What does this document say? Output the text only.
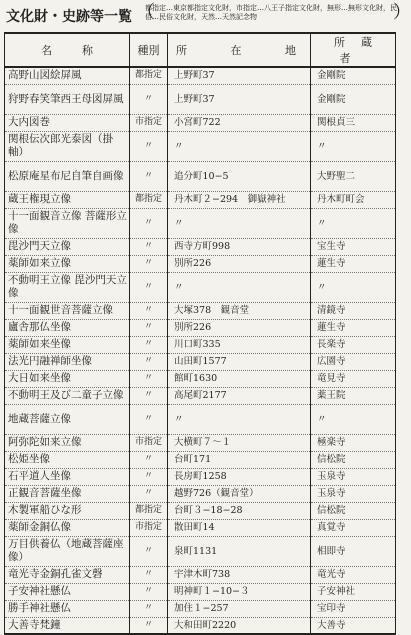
文化財・史跡等一覧 （
都指定…東京都指定文化財，市指定…八王子指定文化財，無形…無形文化財，民俗…民俗文化財，天然…天然記念物	）
名称	種別	所在地	所蔵者
高野山図絵屏風	都指定	上野町37	金剛院
狩野春笑筆西王母図屏風	〃	上野町37	金剛院
大内図巻	市指定	小宮町722	関根貞三
関根伝次郎光泰図（掛軸）	〃	〃	〃
松原庵星布尼自筆自画像	〃	追分町10−5	大野聖二
蔵王権現立像	都指定	丹木町２−294　御嶽神社	丹木町町会
十一面観音立像 菩薩形立像	〃	〃	〃
毘沙門天立像	〃	西寺方町998	宝生寺
薬師如来立像	〃	別所226	蓮生寺
不動明王立像 毘沙門天立像	〃	〃	〃
十一面観世音菩薩立像	〃	大塚378　観音堂	清鏡寺
廬舎那仏坐像	〃	別所226	蓮生寺
薬師如来坐像	〃	川口町335	長楽寺
法光円融禅師坐像	〃	山田町1577	広園寺
大日如来坐像	〃	館町1630	竜見寺
不動明王及び二童子立像	〃	高尾町2177	薬王院
地蔵菩薩立像	〃	〃	〃
阿弥陀如来立像	市指定	大横町７～１	極楽寺
松姫坐像	〃	台町171	信松院
石平道人坐像	〃	長房町1258	玉泉寺
正観音菩薩坐像	〃	越野726（観音堂）	玉泉寺
木製軍船ひな形	都指定	台町３−18−28	信松院
薬師金銅仏像	市指定	散田町14	真覚寺
万目供養仏（地蔵菩薩座像）	〃	泉町1131	相即寺
竜光寺金銅孔雀文磬	〃	宇津木町738	竜光寺
子安神社懸仏	〃	明神町１−10−３	子安神社
勝手神社懸仏	〃	加住１−257	宝印寺
大善寺梵鐘	〃	大和田町2220	大善寺
